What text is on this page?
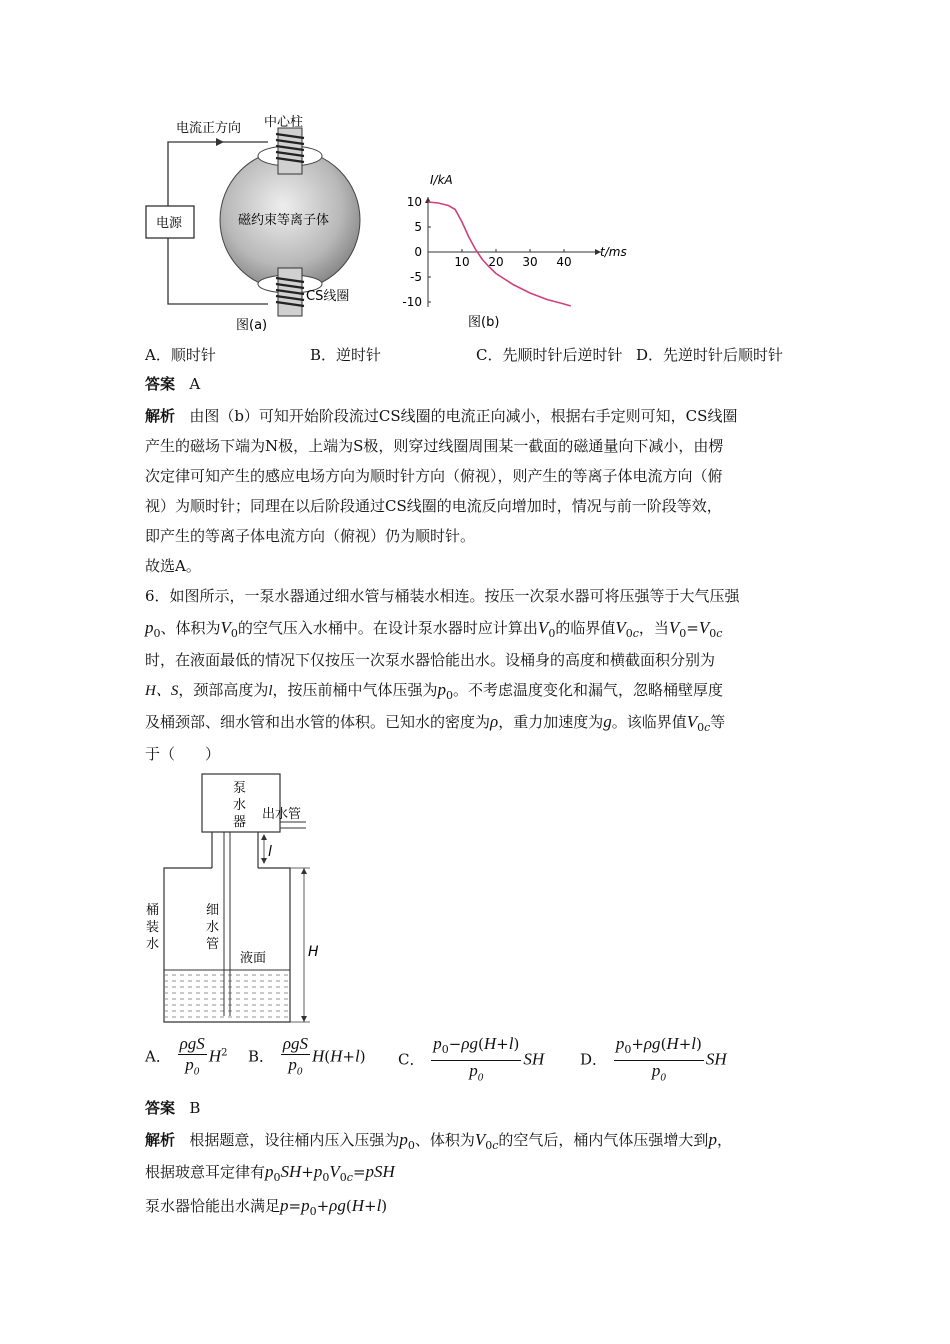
电流正方向 中心柱
电源	磁约束等离子体
CS线圈
图(a)
10
5
0
-5
-10
10 20 30 40
I/kA
t/ms
图(b)
A．顺时针	B．逆时针	C．先顺时针后逆时针 D．先逆时针后顺时针
答案 A
解析 由图（b）可知开始阶段流过CS线圈的电流正向减小，根据右手定则可知，CS线圈
产生的磁场下端为N极，上端为S极，则穿过线圈周围某一截面的磁通量向下减小，由楞
次定律可知产生的感应电场方向为顺时针方向（俯视），则产生的等离子体电流方向（俯
视）为顺时针；同理在以后阶段通过CS线圈的电流反向增加时，情况与前一阶段等效，
即产生的等离子体电流方向（俯视）仍为顺时针。
故选A。
6．如图所示，一泵水器通过细水管与桶装水相连。按压一次泵水器可将压强等于大气压强
$p_0$、体积为$V_0$的空气压入水桶中。在设计泵水器时应计算出$V_0$的临界值$V_{0c}$，当$V_0=V_{0c}$
时，在液面最低的情况下仅按压一次泵水器恰能出水。设桶身的高度和横截面积分别为
H、S，颈部高度为l，按压前桶中气体压强为$p_0$。不考虑温度变化和漏气，忽略桶壁厚度
及桶颈部、细水管和出水管的体积。已知水的密度为ρ，重力加速度为g。该临界值$V_{0c}$等
于（　　）
泵
水
器
出水管
l
桶
装
水
细
水
管
液面	H
A． $\frac{\text{ρgS}}{p_0} H^2$ B． $\frac{\text{ρgS}}{p_0} H(H+l)$ C． $\frac{p_0-\rho g(H+l)}{p_0}$ SH D． $\frac{p_0+\rho g(H+l)}{p_0}$ SH
答案 B
解析 根据题意，设往桶内压入压强为$p_0$、体积为$V_{0c}$的空气后，桶内气体压强增大到p，
根据玻意耳定律有$p_0SH+p_0V_{0c}=pSH$
泵水器恰能出水满足$p=p_0+\rho g(H+l)$
